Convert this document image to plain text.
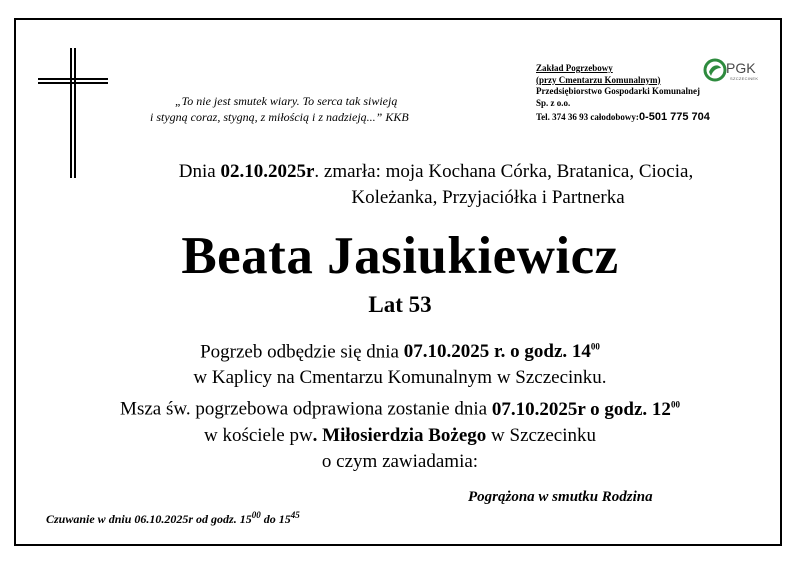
„To nie jest smutek wiary. To serca tak siwieją
i stygną coraz, stygną, z miłością i z nadzieją...” KKB
PGK
SZCZECINEK
Zakład Pogrzebowy
(przy Cmentarzu Komunalnym)
Przedsiębiorstwo Gospodarki Komunalnej
Sp. z o.o.
Tel. 374 36 93 całodobowy:0-501 775 704
Dnia 02.10.2025r. zmarła: moja Kochana Córka, Bratanica, Ciocia,
Koleżanka, Przyjaciółka i Partnerka
Beata Jasiukiewicz
Lat 53
Pogrzeb odbędzie się dnia 07.10.2025 r. o godz. $14^{00}$
w Kaplicy na Cmentarzu Komunalnym w Szczecinku.
Msza św. pogrzebowa odprawiona zostanie dnia 07.10.2025r o godz. $12^{00}$
w kościele pw. Miłosierdzia Bożego w Szczecinku
o czym zawiadamia:
Pogrążona w smutku Rodzina
Czuwanie w dniu 06.10.2025r od godz. $15^{00}$ do $15^{45}$
